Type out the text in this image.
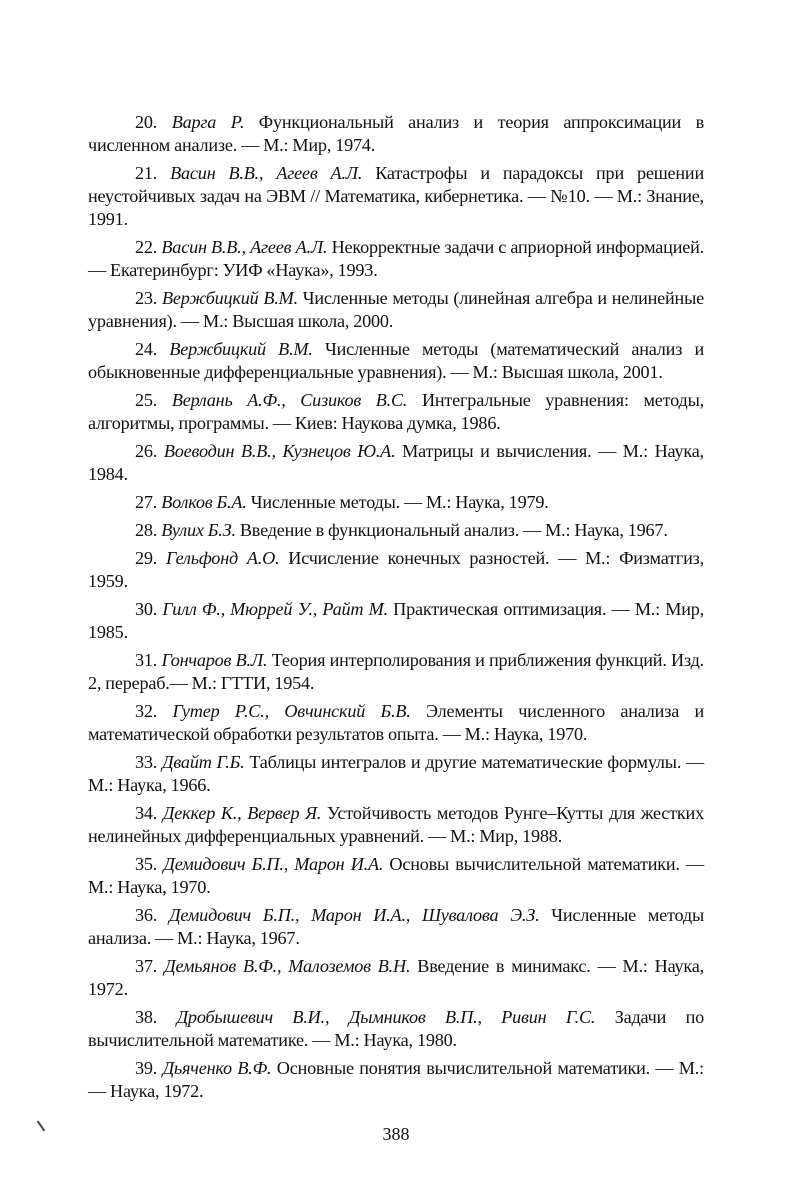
20. Варга Р. Функциональный анализ и теория аппроксимации в численном анализе. — М.: Мир, 1974.

21. Васин В.В., Агеев А.Л. Катастрофы и парадоксы при решении неустойчивых задач на ЭВМ // Математика, кибернетика. — №10. — М.: Знание, 1991.

22. Васин В.В., Агеев А.Л. Некорректные задачи с априорной информацией. — Екатеринбург: УИФ «Наука», 1993.

23. Вержбицкий В.М. Численные методы (линейная алгебра и нелинейные уравнения). — М.: Высшая школа, 2000.

24. Вержбицкий В.М. Численные методы (математический анализ и обыкновенные дифференциальные уравнения). — М.: Высшая школа, 2001.

25. Верлань А.Ф., Сизиков В.С. Интегральные уравнения: методы, алгоритмы, программы. — Киев: Наукова думка, 1986.

26. Воеводин В.В., Кузнецов Ю.А. Матрицы и вычисления. — М.: Наука, 1984.

27. Волков Б.А. Численные методы. — М.: Наука, 1979.

28. Вулих Б.З. Введение в функциональный анализ. — М.: Наука, 1967.

29. Гельфонд А.О. Исчисление конечных разностей. — М.: Физматгиз, 1959.

30. Гилл Ф., Мюррей У., Райт М. Практическая оптимизация. — М.: Мир, 1985.

31. Гончаров В.Л. Теория интерполирования и приближения функций. Изд. 2, перераб.— М.: ГТТИ, 1954.

32. Гутер Р.С., Овчинский Б.В. Элементы численного анализа и математической обработки результатов опыта. — М.: Наука, 1970.

33. Двайт Г.Б. Таблицы интегралов и другие математические формулы. — М.: Наука, 1966.

34. Деккер К., Вервер Я. Устойчивость методов Рунге–Кутты для жестких нелинейных дифференциальных уравнений. — М.: Мир, 1988.

35. Демидович Б.П., Марон И.А. Основы вычислительной математики. — М.: Наука, 1970.

36. Демидович Б.П., Марон И.А., Шувалова Э.З. Численные методы анализа. — М.: Наука, 1967.

37. Демьянов В.Ф., Малоземов В.Н. Введение в минимакс. — М.: Наука, 1972.

38. Дробышевич В.И., Дымников В.П., Ривин Г.С. Задачи по вычислительной математике. — М.: Наука, 1980.

39. Дьяченко В.Ф. Основные понятия вычислительной математики. — М.: — Наука, 1972.

388
